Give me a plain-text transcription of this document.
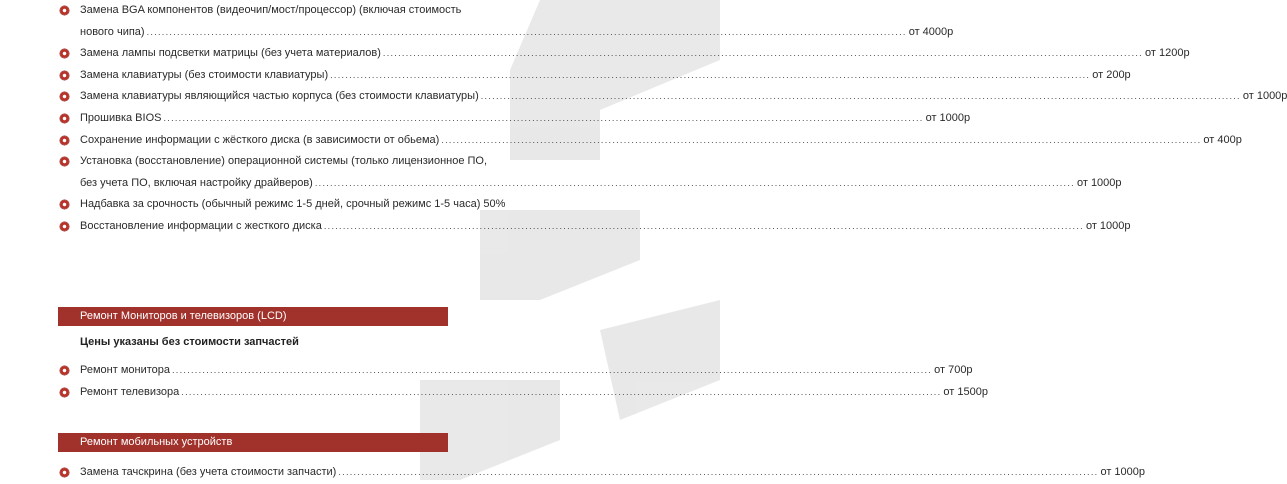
Замена BGA компонентов (видеочип/мост/процессор) (включая стоимость
нового чипа) ........................................................................................................................................................................................................ от 4000р
Замена лампы подсветки матрицы (без учета материалов) ........................................................................................................................................................................................................ от 1200р
Замена клавиатуры (без стоимости клавиатуры) ........................................................................................................................................................................................................ от 200р
Замена клавиатуры являющийся частью корпуса (без стоимости клавиатуры) ........................................................................................................................................................................................................ от 1000р
Прошивка BIOS ........................................................................................................................................................................................................ от 1000р
Сохранение информации с жёсткого диска (в зависимости от обьема) ........................................................................................................................................................................................................ от 400р
Установка (восстановление) операционной системы (только лицензионное ПО,
без учета ПО, включая настройку драйверов) ........................................................................................................................................................................................................ от 1000р
Надбавка за срочность (обычный режимс 1-5 дней, срочный режимс 1-5 часа) 50%
Восстановление информации с жесткого диска ........................................................................................................................................................................................................ от 1000р
Ремонт Мониторов и телевизоров (LCD)
Цены указаны без стоимости запчастей
Ремонт монитора ........................................................................................................................................................................................................ от 700р
Ремонт телевизора ........................................................................................................................................................................................................ от 1500р
Ремонт мобильных устройств
Замена тачскрина (без учета стоимости запчасти) ........................................................................................................................................................................................................ от 1000р
